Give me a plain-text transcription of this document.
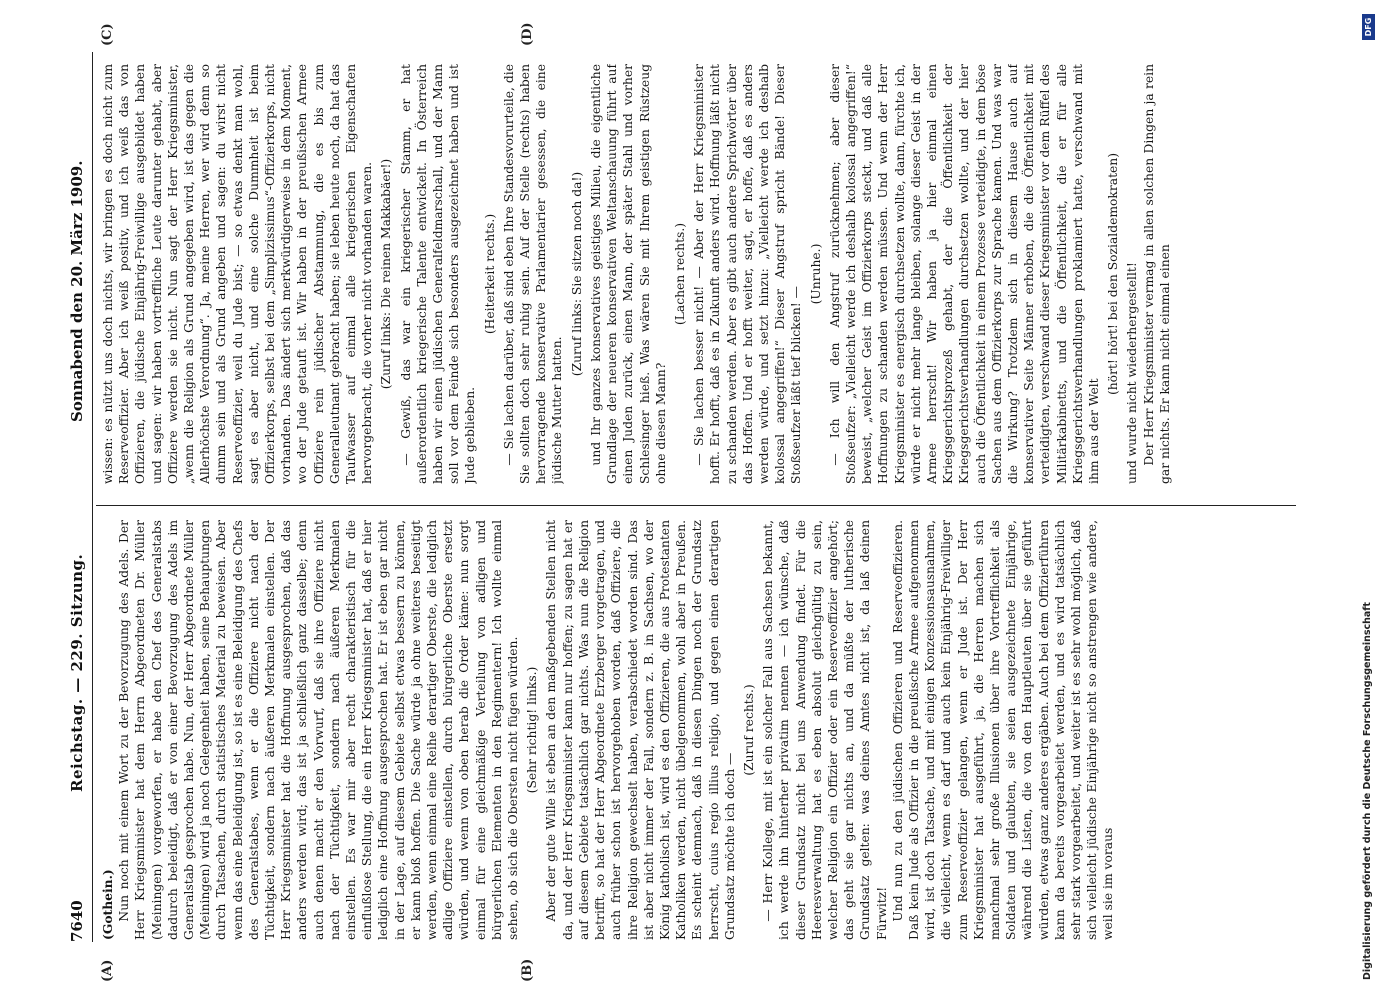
7640
Reichstag. — 229. Sitzung.
Sonnabend den 20. März 1909.
(A)	(B)
(C)	(D)

(Gothein.) Nun noch mit einem Wort zu der Bevorzugung des Adels. Der Herr Kriegsminister hat dem Herrn Abgeordneten Dr. Müller (Meiningen) vorgeworfen, er habe den Chef des Generalstabs dadurch beleidigt, daß er von einer Bevorzugung des Adels im Generalstab gesprochen habe. Nun, der Herr Abgeordnete Müller (Meiningen) wird ja noch Gelegenheit haben, seine Behauptungen durch Tatsachen, durch statistisches Material zu beweisen. Aber wenn das eine Beleidigung ist, so ist es eine Beleidigung des Chefs des Generalstabes, wenn er die Offiziere nicht nach der Tüchtigkeit, sondern nach äußeren Merkmalen einstellen. Der Herr Kriegsminister hat die Hoffnung ausgesprochen, daß das anders werden wird; das ist ja schließlich ganz dasselbe; denn auch denen macht er den Vorwurf, daß sie ihre Offiziere nicht nach der Tüchtigkeit, sondern nach äußeren Merkmalen einstellen. Es war mir aber recht charakteristisch für die einflußlose Stellung, die ein Herr Kriegsminister hat, daß er hier lediglich eine Hoffnung ausgesprochen hat. Er ist eben gar nicht in der Lage, auf diesem Gebiete selbst etwas bessern zu können, er kann bloß hoffen. Die Sache würde ja ohne weiteres beseitigt werden, wenn einmal eine Reihe derartiger Oberste, die lediglich adlige Offiziere einstellen, durch bürgerliche Oberste ersetzt würden, und wenn von oben herab die Order käme: nun sorgt einmal für eine gleichmäßige Verteilung von adligen und bürgerlichen Elementen in den Regimentern! Ich wollte einmal sehen, ob sich die Obersten nicht fügen würden. (Sehr richtig! links.) Aber der gute Wille ist eben an den maßgebenden Stellen nicht da, und der Herr Kriegsminister kann nur hoffen; zu sagen hat er auf diesem Gebiete tatsächlich gar nichts. Was nun die Religion betrifft, so hat der Herr Abgeordnete Erzberger vorgetragen, und auch früher schon ist hervorgehoben worden, daß Offiziere, die ihre Religion gewechselt haben, verabschiedet worden sind. Das ist aber nicht immer der Fall, sondern z. B. in Sachsen, wo der König katholisch ist, wird es den Offizieren, die aus Protestanten Katholiken werden, nicht übelgenommen, wohl aber in Preußen. Es scheint demnach, daß in diesen Dingen noch der Grundsatz herrscht, cuius regio illius religio, und gegen einen derartigen Grundsatz möchte ich doch —

(Zuruf rechts.) — Herr Kollege, mit ist ein solcher Fall aus Sachsen bekannt, ich werde ihn hinterher privatim nennen — ich wünsche, daß dieser Grundsatz nicht bei uns Anwendung findet. Für die Heeresverwaltung hat es eben absolut gleichgültig zu sein, welcher Religion ein Offizier oder ein Reserveoffizier angehört; das geht sie gar nichts an, und da müßte der lutherische Grundsatz gelten: was deines Amtes nicht ist, da laß deinen Fürwitz! Und nun zu den jüdischen Offizieren und Reserveoffizieren. Daß kein Jude als Offizier in die preußische Armee aufgenommen wird, ist doch Tatsache, und mit einigen Konzessionsausnahmen, die vielleicht, wenn es darf und auch kein Einjährig-Freiwilliger zum Reserveoffizier gelangen, wenn er Jude ist. Der Herr Kriegsminister hat ausgeführt, ja, die Herren machen sich manchmal sehr große Illusionen über ihre Vortrefflichkeit als Soldaten und glaubten, sie seien ausgezeichnete Einjährige, während die Listen, die von den Hauptleuten über sie geführt würden, etwas ganz anderes ergäben. Auch bei dem Offizierführen kann da bereits vorgearbeitet werden, und es wird tatsächlich sehr stark vorgearbeitet, und weiter ist es sehr wohl möglich, daß sich vielleicht jüdische Einjährige nicht so anstrengen wie andere, weil sie im voraus

wissen: es nützt uns doch nichts, wir bringen es doch nicht zum Reserveoffizier. Aber ich weiß positiv, und ich weiß das von Offizieren, die jüdische Einjährig-Freiwillige ausgebildet haben und sagen: wir haben vortreffliche Leute darunter gehabt, aber Offiziere werden sie nicht. Nun sagt der Herr Kriegsminister, „wenn die Religion als Grund angegeben wird, ist das gegen die Allerhöchste Verordnung“. Ja, meine Herren, wer wird denn so dumm sein und als Grund angeben und sagen: du wirst nicht Reserveoffizier, weil du Jude bist; — so etwas denkt man wohl, sagt es aber nicht, und eine solche Dummheit ist beim Offizierkorps, selbst bei dem „Simplizissimus“-Offizierkorps, nicht vorhanden. Das ändert sich merkwürdigerweise in dem Moment, wo der Jude getauft ist. Wir haben in der preußischen Armee Offiziere rein jüdischer Abstammung, die es bis zum Generalleutnant gebracht haben; sie leben heute noch, da hat das Taufwasser auf einmal alle kriegerischen Eigenschaften hervorgebracht, die vorher nicht vorhanden waren. (Zuruf links: Die reinen Makkabäer!) — Gewiß, das war ein kriegerischer Stamm, er hat außerordentlich kriegerische Talente entwickelt. In Österreich haben wir einen jüdischen Generalfeldmarschall, und der Mann soll vor dem Feinde sich besonders ausgezeichnet haben und ist Jude geblieben.

(Heiterkeit rechts.) — Sie lachen darüber, daß sind eben Ihre Standesvorurteile, die Sie sollten doch sehr ruhig sein. Auf der Stelle (rechts) haben hervorragende konservative Parlamentarier gesessen, die eine jüdische Mutter hatten.

(Zuruf links: Sie sitzen noch da!) und Ihr ganzes konservatives geistiges Milieu, die eigentliche Grundlage der neueren konservativen Weltanschauung führt auf einen Juden zurück, einen Mann, der später Stahl und vorher Schlesinger hieß. Was wären Sie mit Ihrem geistigen Rüstzeug ohne diesen Mann?

(Lachen rechts.) — Sie lachen besser nicht! — Aber der Herr Kriegsminister hofft. Er hofft, daß es in Zukunft anders wird. Hoffnung läßt nicht zu schanden werden. Aber es gibt auch andere Sprichwörter über das Hoffen. Und er hofft weiter, sagt, er hoffe, daß es anders werden würde, und setzt hinzu: „Vielleicht werde ich deshalb kolossal angegriffen!“ Dieser Angstruf spricht Bände! Dieser Stoßseufzer läßt tief blicken! —

(Unruhe.) — Ich will den Angstruf zurücknehmen; aber dieser Stoßseufzer: „Vielleicht werde ich deshalb kolossal angegriffen!“ beweist, „welcher Geist im Offizierkorps steckt, und daß alle Hoffnungen zu schanden werden müssen. Und wenn der Herr Kriegsminister es energisch durchsetzen wollte, dann, fürchte ich, würde er nicht mehr lange bleiben, solange dieser Geist in der Armee herrscht! Wir haben ja hier einmal einen Kriegsgerichtsprozeß gehabt, der die Öffentlichkeit der Kriegsgerichtsverhandlungen durchsetzen wollte, und der hier auch die Öffentlichkeit in einem Prozesse verteidigte, in dem böse Sachen aus dem Offizierkorps zur Sprache kamen. Und was war die Wirkung? Trotzdem sich in diesem Hause auch auf konservativer Seite Männer erhoben, die die Öffentlichkeit mit verteidigten, verschwand dieser Kriegsminister vor dem Rüffel des Militärkabinetts, und die Öffentlichkeit, die er für alle Kriegsgerichtsverhandlungen proklamiert hatte, verschwand mit ihm aus der Welt

(hört! hört! bei den Sozialdemokraten) und wurde nicht wiederhergestellt! Der Herr Kriegsminister vermag in allen solchen Dingen ja rein gar nichts. Er kann nicht einmal einen

Digitalisierung gefördert durch die Deutsche Forschungsgemeinschaft
DFG
